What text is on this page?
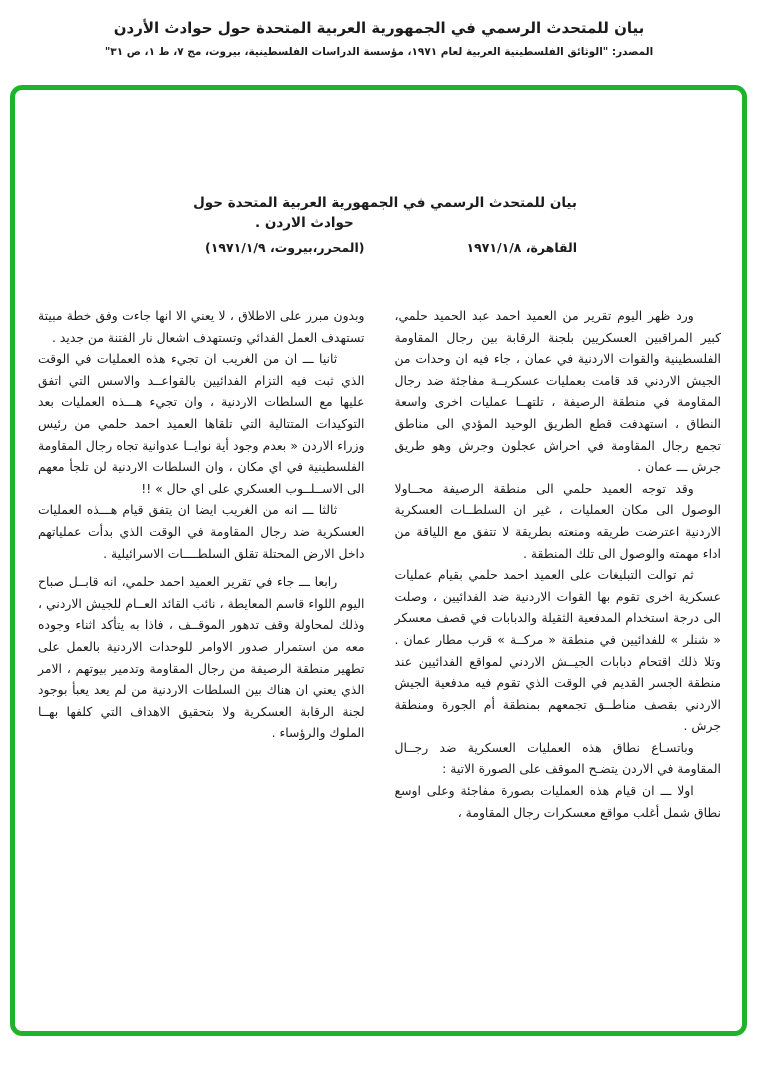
بيان للمتحدث الرسمي في الجمهورية العربية المتحدة حول حوادث الأردن
المصدر: "الوثائق الفلسطينية العربية لعام ١٩٧١، مؤسسة الدراسات الفلسطينية، بيروت، مج ٧، ط ١، ص ٣١"
بيان للمتحدث الرسمي في الجمهورية العربية المتحدة حول
حوادث الاردن .
القاهرة، ١٩٧١/١/٨
(المحرر،بيروت، ١٩٧١/١/٩)

ورد ظهر اليوم تقرير من العميد احمد عبد الحميد حلمي، كبير المراقبين العسكريين بلجنة الرقابة بين رجال المقاومة الفلسطينية والقوات الاردنية في عمان ، جاء فيه ان وحدات من الجيش الاردني قد قامت بعمليات عسكريــة مفاجئة ضد رجال المقاومة في منطقة الرصيفة ، تلتهــا عمليات اخرى واسعة النطاق ، استهدفت قطع الطريق الوحيد المؤدي الى مناطق تجمع رجال المقاومة في احراش عجلون وجرش وهو طريق جرش ـــ عمان .

وقد توجه العميد حلمي الى منطقة الرصيفة محــاولا الوصول الى مكان العمليات ، غير ان السلطــات العسكرية الاردنية اعترضت طريقه ومنعته بطريقة لا تتفق مع اللياقة من اداء مهمته والوصول الى تلك المنطقة .

ثم توالت التبليغات على العميد احمد حلمي بقيام عمليات عسكرية اخرى تقوم بها القوات الاردنية ضد الفدائيين ، وصلت الى درجة استخدام المدفعية الثقيلة والدبابات في قصف معسكر « شنلر » للفدائيين في منطقة « مركــة » قرب مطار عمان . وتلا ذلك اقتحام دبابات الجيــش الاردني لمواقع الفدائيين عند منطقة الجسر القديم في الوقت الذي تقوم فيه مدفعية الجيش الاردني بقصف مناطــق تجمعهم بمنطقة أم الجورة ومنطقة جرش .

وباتسـاع نطاق هذه العمليات العسكرية ضد رجــال المقاومة في الاردن يتضـح الموقف على الصورة الاتية :

اولا ـــ ان قيام هذه العمليات بصورة مفاجئة وعلى اوسع نطاق شمل أغلب مواقع معسكرات رجال المقاومة ،

وبدون مبرر على الاطلاق ، لا يعني الا انها جاءت وفق خطة مبيتة تستهدف العمل الفدائي وتستهدف اشعال نار الفتنة من جديد .

ثانيا ـــ ان من الغريب ان تجيء هذه العمليات في الوقت الذي ثبت فيه التزام الفدائيين بالقواعــد والاسس التي اتفق عليها مع السلطات الاردنية ، وان تجيء هـــذه العمليات بعد التوكيدات المتتالية التي تلقاها العميد احمد حلمي من رئيس وزراء الاردن « بعدم وجود أية نوايــا عدوانية تجاه رجال المقاومة الفلسطينية في اي مكان ، وان السلطات الاردنية لن تلجأ معهم الى الاســلــوب العسكري على اي حال » !!

ثالثا ـــ انه من الغريب ايضا ان يتفق قيام هـــذه العمليات العسكرية ضد رجال المقاومة في الوقت الذي بدأت عملياتهم داخل الارض المحتلة تقلق السلطــــات الاسرائيلية .

رابعا ـــ جاء في تقرير العميد احمد حلمي، انه قابــل صباح اليوم اللواء قاسم المعايطة ، نائب القائد العــام للجيش الاردني ، وذلك لمحاولة وقف تدهور الموقــف ، فاذا به يتأكد اثناء وجوده معه من استمرار صدور الاوامر للوحدات الاردنية بالعمل على تطهير منطقة الرصيفة من رجال المقاومة وتدمير بيوتهم ، الامر الذي يعني ان هناك بين السلطات الاردنية من لم يعد يعبأ بوجود لجنة الرقابة العسكرية ولا بتحقيق الاهداف التي كلفها بهــا الملوك والرؤساء .
